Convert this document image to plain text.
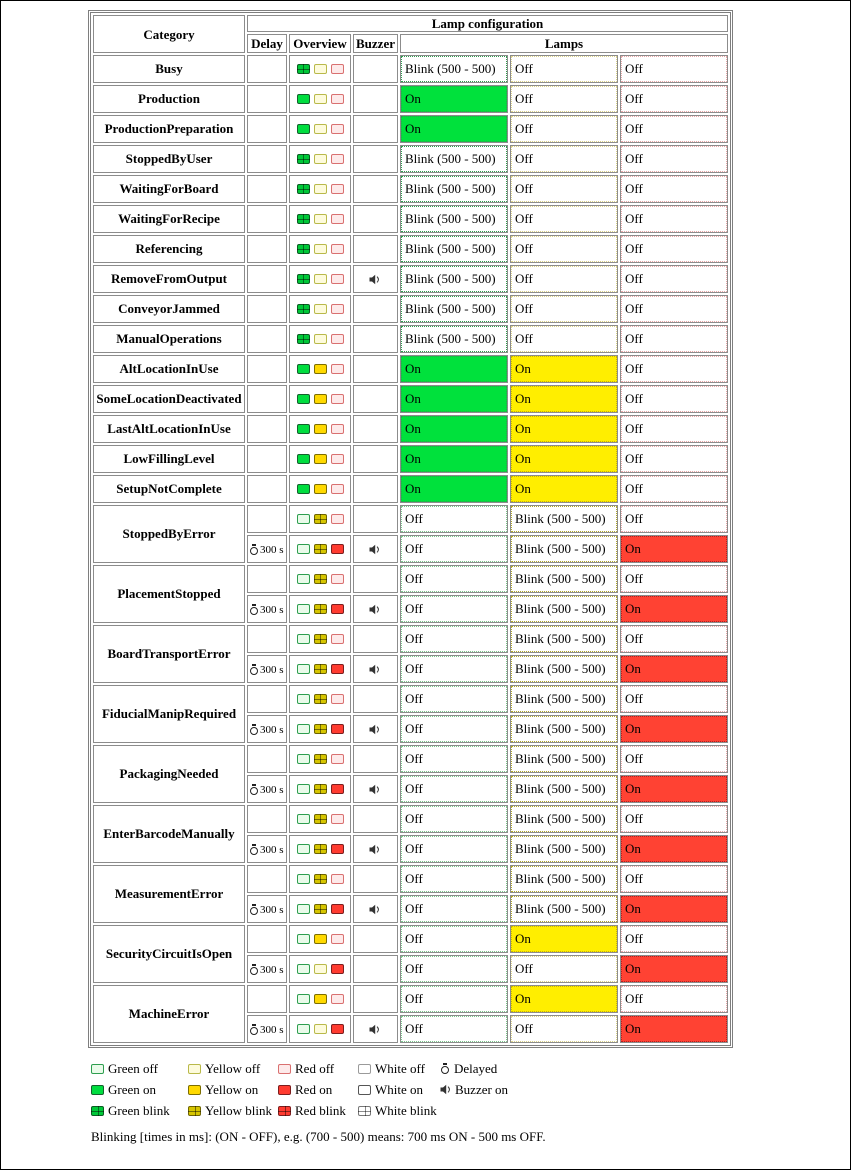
Category	Lamp configuration					
	Delay	Overview	Buzzer	Lamps		
Busy				Blink (500 - 500)	Off	Off

Production				On	Off	Off

ProductionPreparation				On	Off	Off

StoppedByUser				Blink (500 - 500)	Off	Off

WaitingForBoard				Blink (500 - 500)	Off	Off

WaitingForRecipe				Blink (500 - 500)	Off	Off

Referencing				Blink (500 - 500)	Off	Off

RemoveFromOutput				Blink (500 - 500)	Off	Off

ConveyorJammed				Blink (500 - 500)	Off	Off

ManualOperations				Blink (500 - 500)	Off	Off

AltLocationInUse				On	On	Off

SomeLocationDeactivated				On	On	Off

LastAltLocationInUse				On	On	Off

LowFillingLevel				On	On	Off

SetupNotComplete				On	On	Off

StoppedByError				Off	Blink (500 - 500)	Off

	300 s			Off	Blink (500 - 500)	On

PlacementStopped				Off	Blink (500 - 500)	Off

	300 s			Off	Blink (500 - 500)	On

BoardTransportError				Off	Blink (500 - 500)	Off

	300 s			Off	Blink (500 - 500)	On

FiducialManipRequired				Off	Blink (500 - 500)	Off

	300 s			Off	Blink (500 - 500)	On

PackagingNeeded				Off	Blink (500 - 500)	Off

	300 s			Off	Blink (500 - 500)	On

EnterBarcodeManually				Off	Blink (500 - 500)	Off

	300 s			Off	Blink (500 - 500)	On

MeasurementError				Off	Blink (500 - 500)	Off

	300 s			Off	Blink (500 - 500)	On

SecurityCircuitIsOpen				Off	On	Off

	300 s			Off	Off	On

MachineError				Off	On	Off

	300 s			Off	Off	On
Green off	Yellow off	Red off	White off Delayed
Green on	Yellow on	Red on	White on Buzzer on
Green blink	Yellow blink Red blink White blink
Blinking [times in ms]: (ON - OFF), e.g. (700 - 500) means: 700 ms ON - 500 ms OFF.
